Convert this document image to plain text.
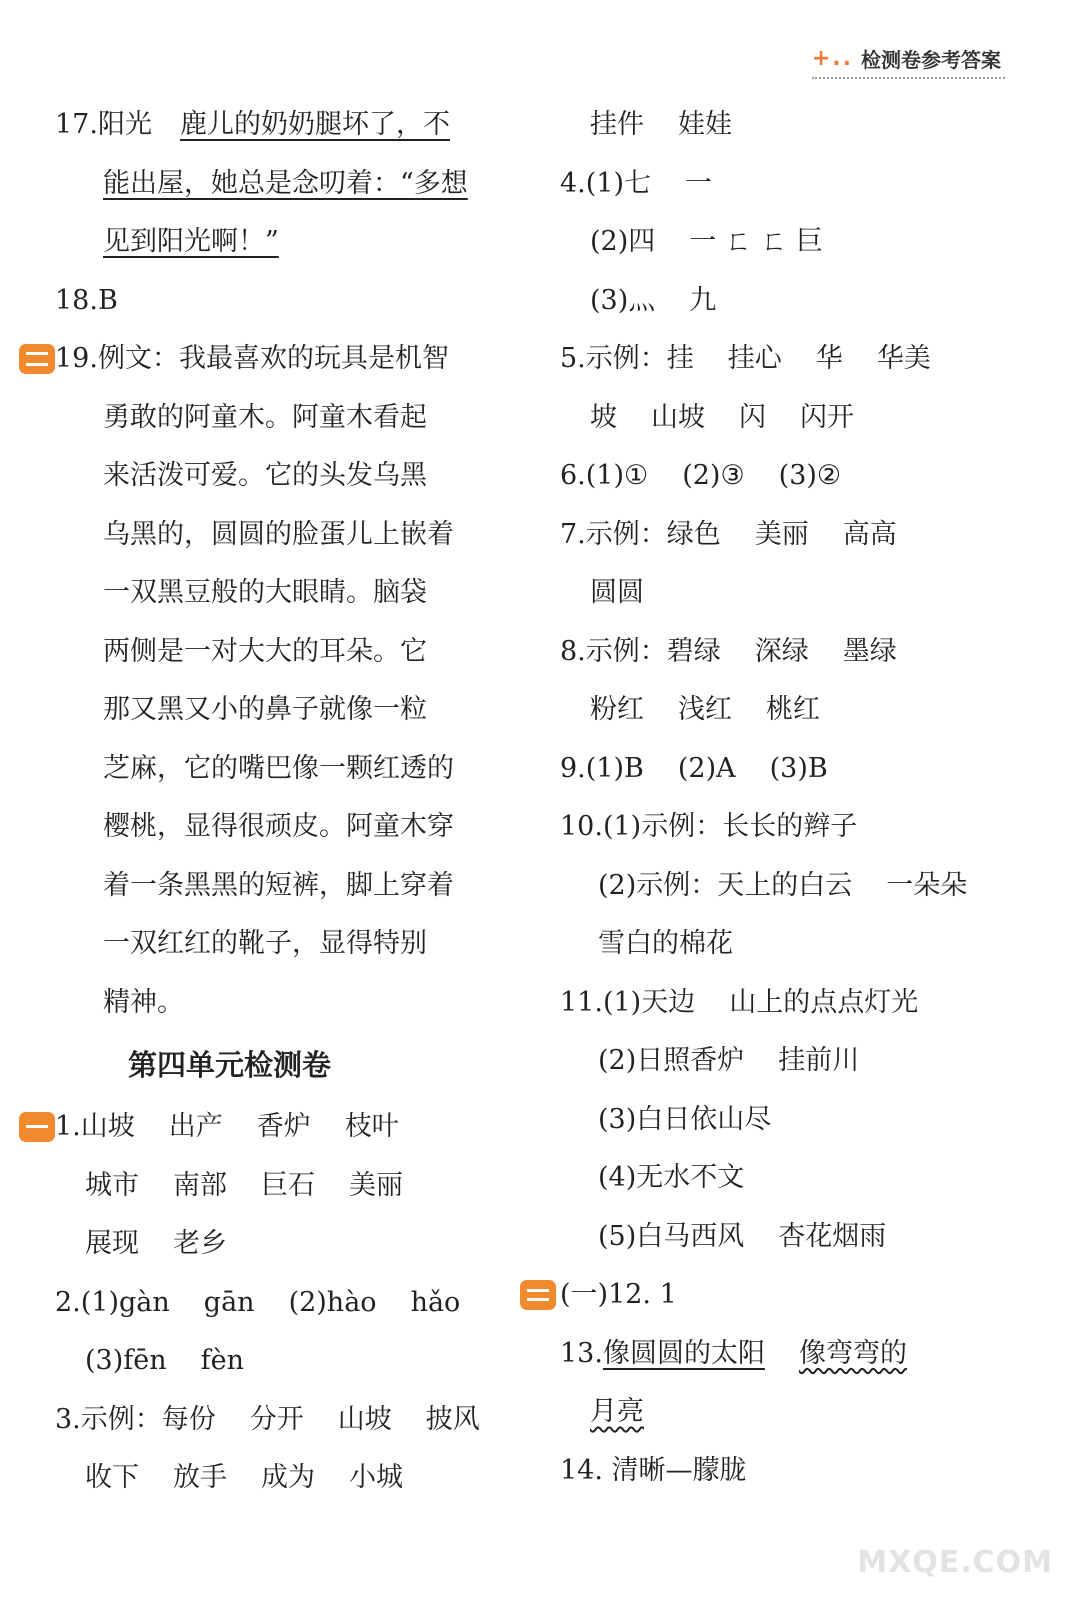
+.. 检测卷参考答案
17.阳光 鹿儿的奶奶腿坏了，不
能出屋，她总是念叨着：“多想
见到阳光啊！”
18.B
19.例文：我最喜欢的玩具是机智
勇敢的阿童木。阿童木看起
来活泼可爱。它的头发乌黑
乌黑的，圆圆的脸蛋儿上嵌着
一双黑豆般的大眼睛。脑袋
两侧是一对大大的耳朵。它
那又黑又小的鼻子就像一粒
芝麻，它的嘴巴像一颗红透的
樱桃，显得很顽皮。阿童木穿
着一条黑黑的短裤，脚上穿着
一双红红的靴子，显得特别
精神。
第四单元检测卷
1.山坡 出产 香炉 枝叶
城市 南部 巨石 美丽
展现 老乡
2.(1)gàn gān (2)hào hǎo
(3)fēn fèn
3.示例：每份 分开 山坡 披风
收下 放手 成为 小城
挂件 娃娃
4.(1)七 一
(2)四 一 ㄈ ㄈ 巨
(3)灬 九
5.示例：挂 挂心 华 华美
坡 山坡 闪 闪开
6.(1)① (2)③ (3)②
7.示例：绿色 美丽 高高
圆圆
8.示例：碧绿 深绿 墨绿
粉红 浅红 桃红
9.(1)B (2)A (3)B
10.(1)示例：长长的辫子
(2)示例：天上的白云 一朵朵
雪白的棉花
11.(1)天边 山上的点点灯光
(2)日照香炉 挂前川
(3)白日依山尽
(4)无水不文
(5)白马西风 杏花烟雨
(一)12. 1
13.像圆圆的太阳 像弯弯的
月亮
14. 清晰—朦胧
MXQE.COM
